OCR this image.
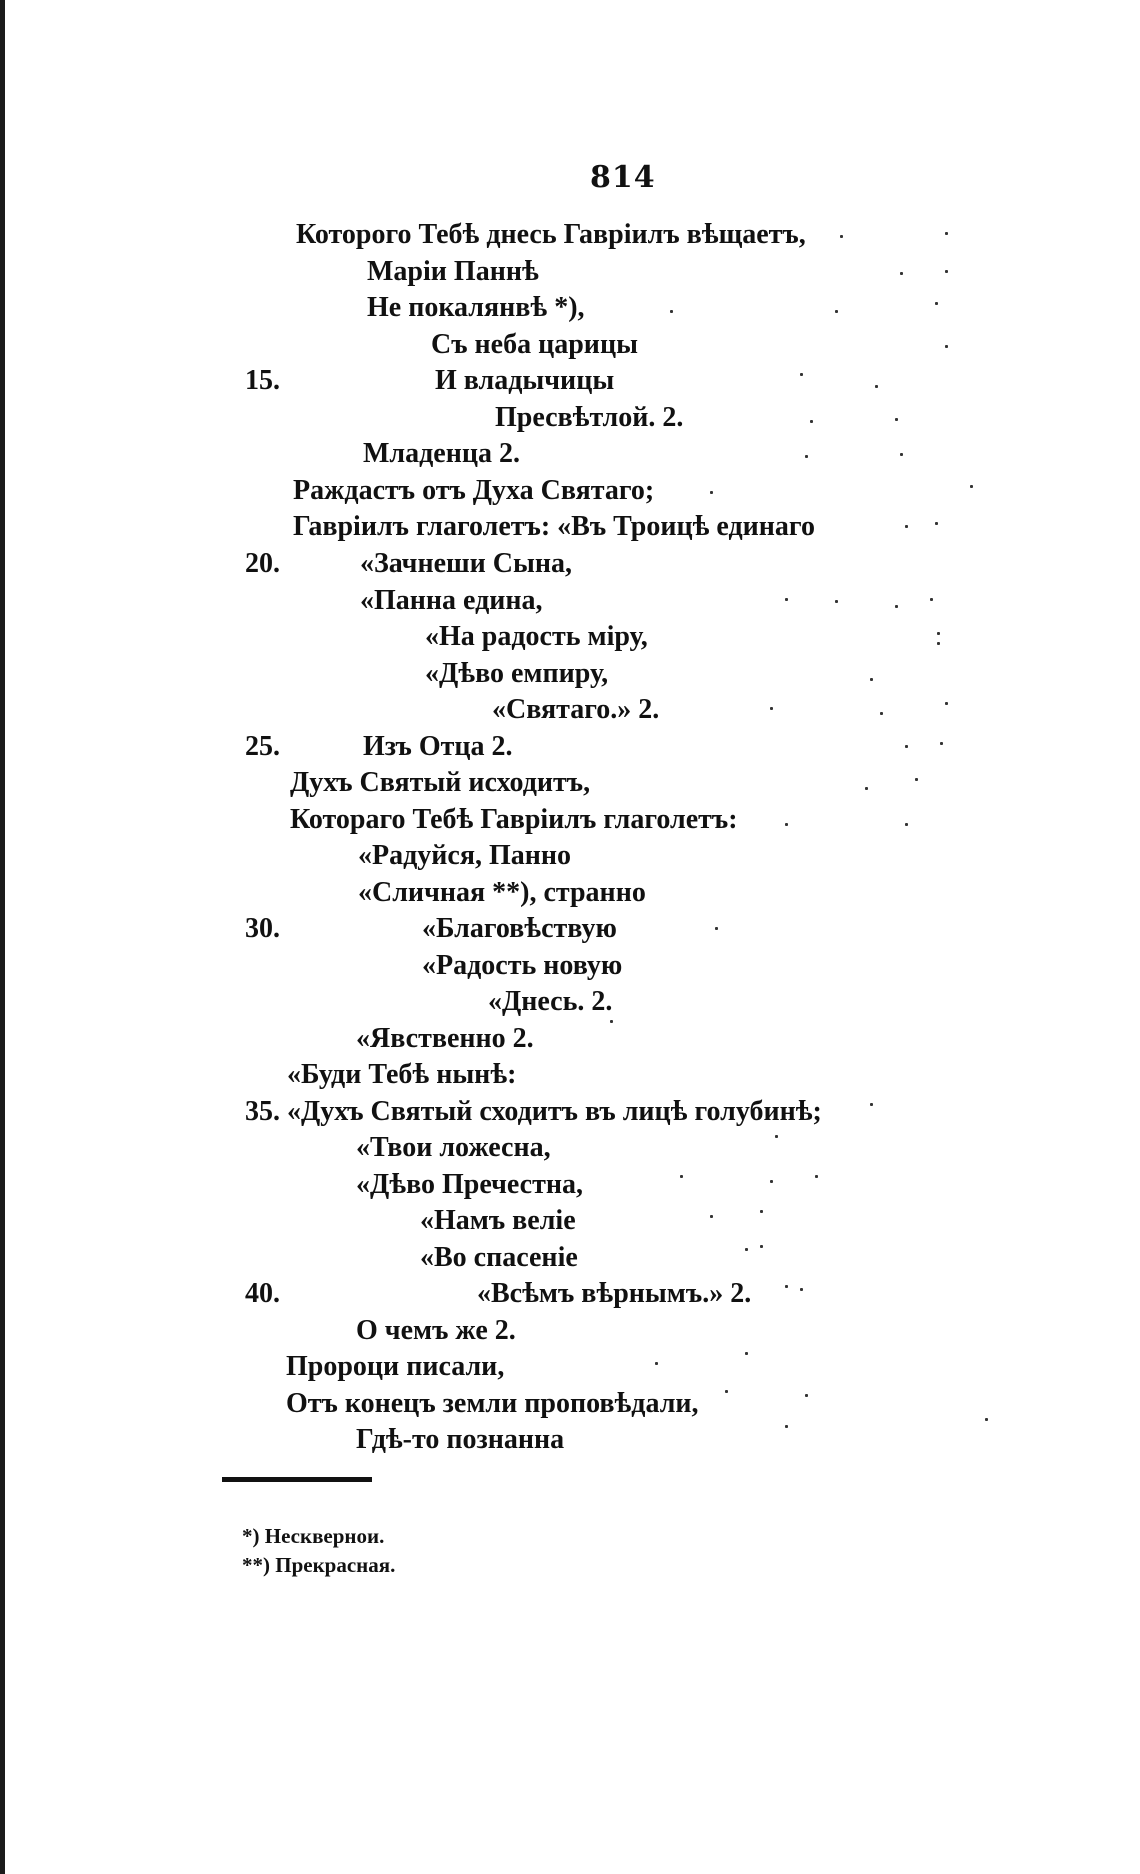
814
Которого Тебѣ днесь Гавріилъ вѣщаетъ,
Маріи Паннѣ
Не покалянвѣ *),
Съ неба царицы
И владычицы
Пресвѣтлой. 2.
Младенца 2.
Раждастъ отъ Духа Святаго;
Гавріилъ глаголетъ: «Въ Троицѣ единаго
«Зачнеши Сына,
«Панна едина,
«На радость міру,
«Дѣво емпиру,
«Святаго.» 2.
Изъ Отца 2.
Духъ Святый исходитъ,
Котораго Тебѣ Гавріилъ глаголетъ:
«Радуйся, Панно
«Сличная **), странно
«Благовѣствую
«Радость новую
«Днесь. 2.
«Явственно 2.
«Буди Тебѣ нынѣ:
«Духъ Святый сходитъ въ лицѣ голубинѣ;
«Твои ложесна,
«Дѣво Пречестна,
«Намъ веліе
«Во спасеніе
«Всѣмъ вѣрнымъ.» 2.
О чемъ же 2.
Пророци писали,
Отъ конецъ земли проповѣдали,
Гдѣ-то познанна
15.
20.
25.
30.
35.
40.
*) Несквернои.
**) Прекрасная.
